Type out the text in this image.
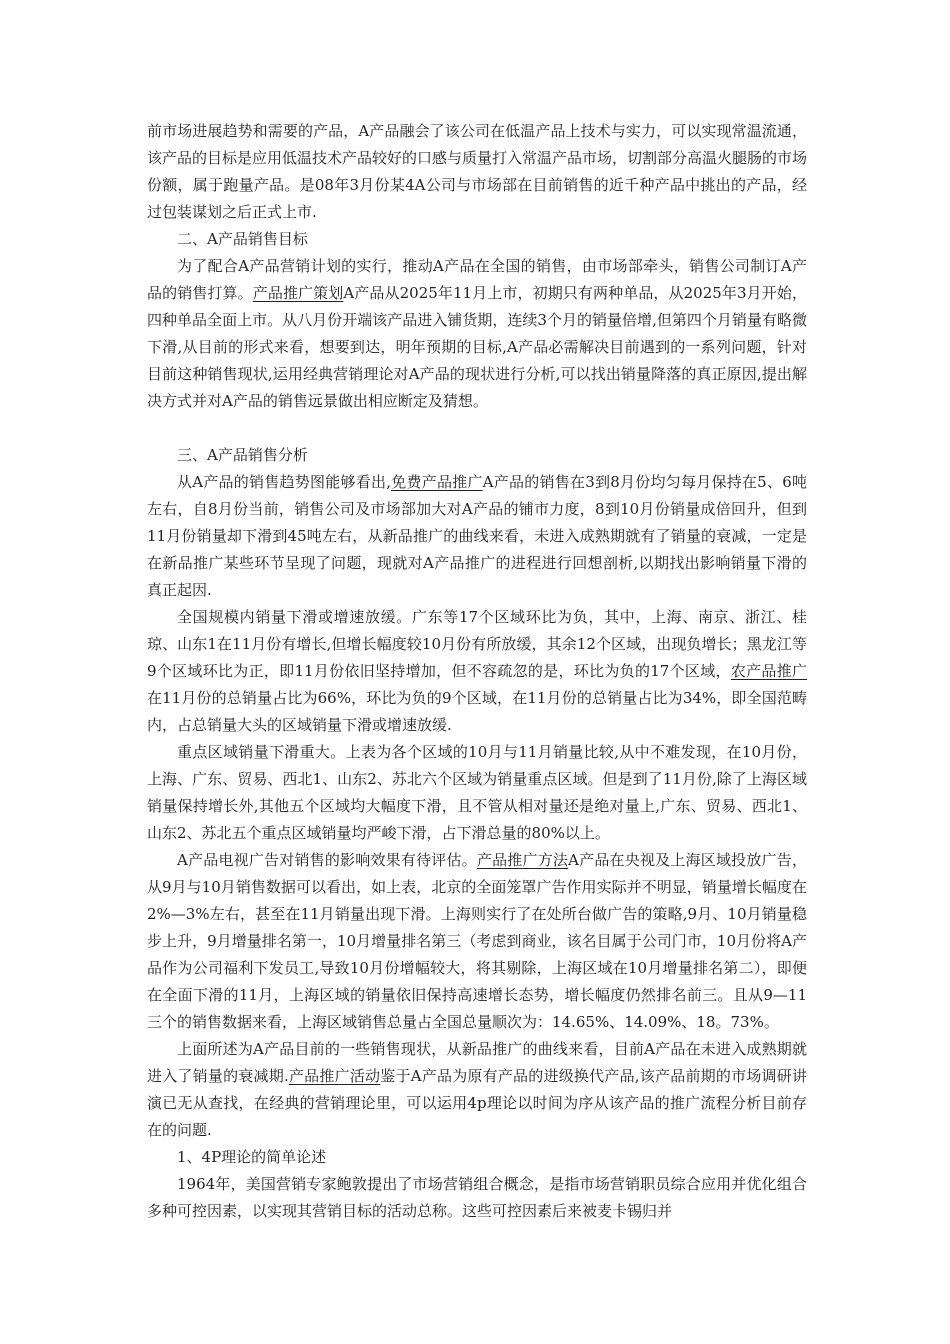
前市场进展趋势和需要的产品，A产品融会了该公司在低温产品上技术与实力，可以实现常温流通，该产品的目标是应用低温技术产品较好的口感与质量打入常温产品市场，切割部分高温火腿肠的市场份额，属于跑量产品。是08年3月份某4A公司与市场部在目前销售的近千种产品中挑出的产品，经过包装谋划之后正式上市.

二、A产品销售目标

为了配合A产品营销计划的实行，推动A产品在全国的销售，由市场部牵头，销售公司制订A产品的销售打算。产品推广策划A产品从2025年11月上市，初期只有两种单品，从2025年3月开始，四种单品全面上市。从八月份开端该产品进入铺货期，连续3个月的销量倍增,但第四个月销量有略微下滑,从目前的形式来看，想要到达，明年预期的目标,A产品必需解决目前遇到的一系列问题，针对目前这种销售现状,运用经典营销理论对A产品的现状进行分析,可以找出销量降落的真正原因,提出解决方式并对A产品的销售远景做出相应断定及猜想。

三、A产品销售分析

从A产品的销售趋势图能够看出,免费产品推广A产品的销售在3到8月份均匀每月保持在5、6吨左右，自8月份当前，销售公司及市场部加大对A产品的铺市力度，8到10月份销量成倍回升，但到11月份销量却下滑到45吨左右，从新品推广的曲线来看，未进入成熟期就有了销量的衰减，一定是在新品推广某些环节呈现了问题，现就对A产品推广的进程进行回想剖析,以期找出影响销量下滑的真正起因.

全国规模内销量下滑或增速放缓。广东等17个区域环比为负，其中，上海、南京、浙江、桂琼、山东1在11月份有增长,但增长幅度较10月份有所放缓，其余12个区域，出现负增长；黑龙江等9个区域环比为正，即11月份依旧坚持增加，但不容疏忽的是，环比为负的17个区域，农产品推广在11月份的总销量占比为66%，环比为负的9个区域，在11月份的总销量占比为34%，即全国范畴内，占总销量大头的区域销量下滑或增速放缓.

重点区域销量下滑重大。上表为各个区域的10月与11月销量比较,从中不难发现，在10月份，上海、广东、贸易、西北1、山东2、苏北六个区域为销量重点区域。但是到了11月份,除了上海区域销量保持增长外,其他五个区域均大幅度下滑，且不管从相对量还是绝对量上,广东、贸易、西北1、山东2、苏北五个重点区域销量均严峻下滑，占下滑总量的80%以上。

A产品电视广告对销售的影响效果有待评估。产品推广方法A产品在央视及上海区域投放广告，从9月与10月销售数据可以看出，如上表，北京的全面笼罩广告作用实际并不明显，销量增长幅度在2%—3%左右，甚至在11月销量出现下滑。上海则实行了在处所台做广告的策略,9月、10月销量稳步上升，9月增量排名第一，10月增量排名第三（考虑到商业，该名目属于公司门市，10月份将A产品作为公司福利下发员工,导致10月份增幅较大，将其剔除，上海区域在10月增量排名第二），即便在全面下滑的11月，上海区域的销量依旧保持高速增长态势，增长幅度仍然排名前三。且从9—11三个的销售数据来看，上海区域销售总量占全国总量顺次为：14.65%、14.09%、18。73%。

上面所述为A产品目前的一些销售现状，从新品推广的曲线来看，目前A产品在未进入成熟期就进入了销量的衰减期.产品推广活动鉴于A产品为原有产品的进级换代产品,该产品前期的市场调研讲演已无从查找，在经典的营销理论里，可以运用4p理论以时间为序从该产品的推广流程分析目前存在的问题.

1、4P理论的简单论述

1964年，美国营销专家鲍敦提出了市场营销组合概念，是指市场营销职员综合应用并优化组合多种可控因素，以实现其营销目标的活动总称。这些可控因素后来被麦卡锡归并
